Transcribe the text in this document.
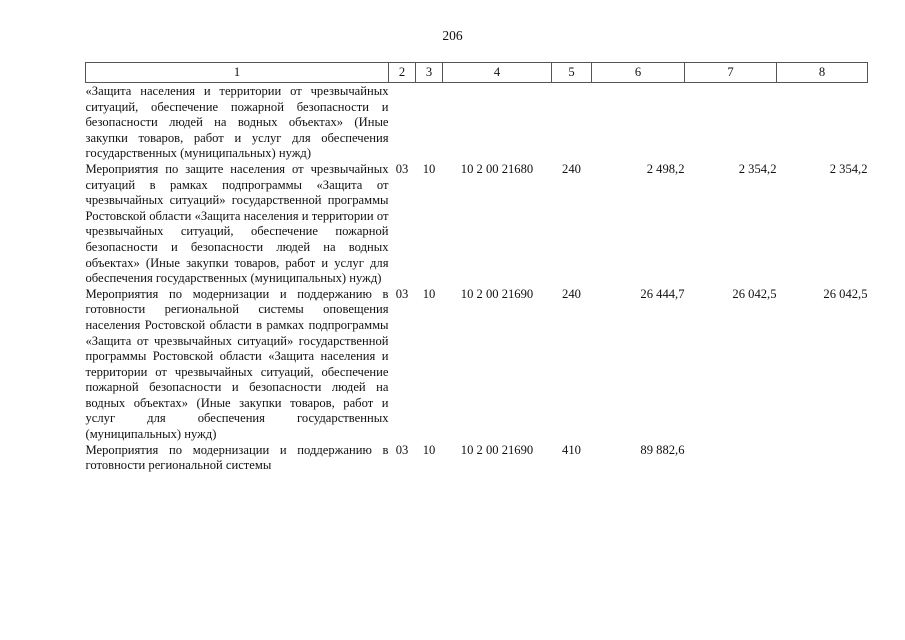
206
1	2	3	4	5	6	7	8
«Защита населения и территории от чрезвычайных ситуаций, обеспечение пожарной безопасности и безопасности людей на водных объектах» (Иные закупки товаров, работ и услуг для обеспечения государственных (муниципальных) нужд)							
Мероприятия по защите населения от чрезвычайных ситуаций в рамках подпрограммы «Защита от чрезвычайных ситуаций» государственной программы Ростовской области «Защита населения и территории от чрезвычайных ситуаций, обеспечение пожарной безопасности и безопасности людей на водных объектах» (Иные закупки товаров, работ и услуг для обеспечения государственных (муниципальных) нужд)	03	10	10 2 00 21680	240	2 498,2	2 354,2	2 354,2
Мероприятия по модернизации и поддержанию в готовности региональной системы оповещения населения Ростовской области в рамках подпрограммы «Защита от чрезвычайных ситуаций» государственной программы Ростовской области «Защита населения и территории от чрезвычайных ситуаций, обеспечение пожарной безопасности и безопасности людей на водных объектах» (Иные закупки товаров, работ и услуг для обеспечения государственных (муниципальных) нужд)	03	10	10 2 00 21690	240	26 444,7	26 042,5	26 042,5
Мероприятия по модернизации и поддержанию в готовности региональной системы	03	10	10 2 00 21690	410	89 882,6		
